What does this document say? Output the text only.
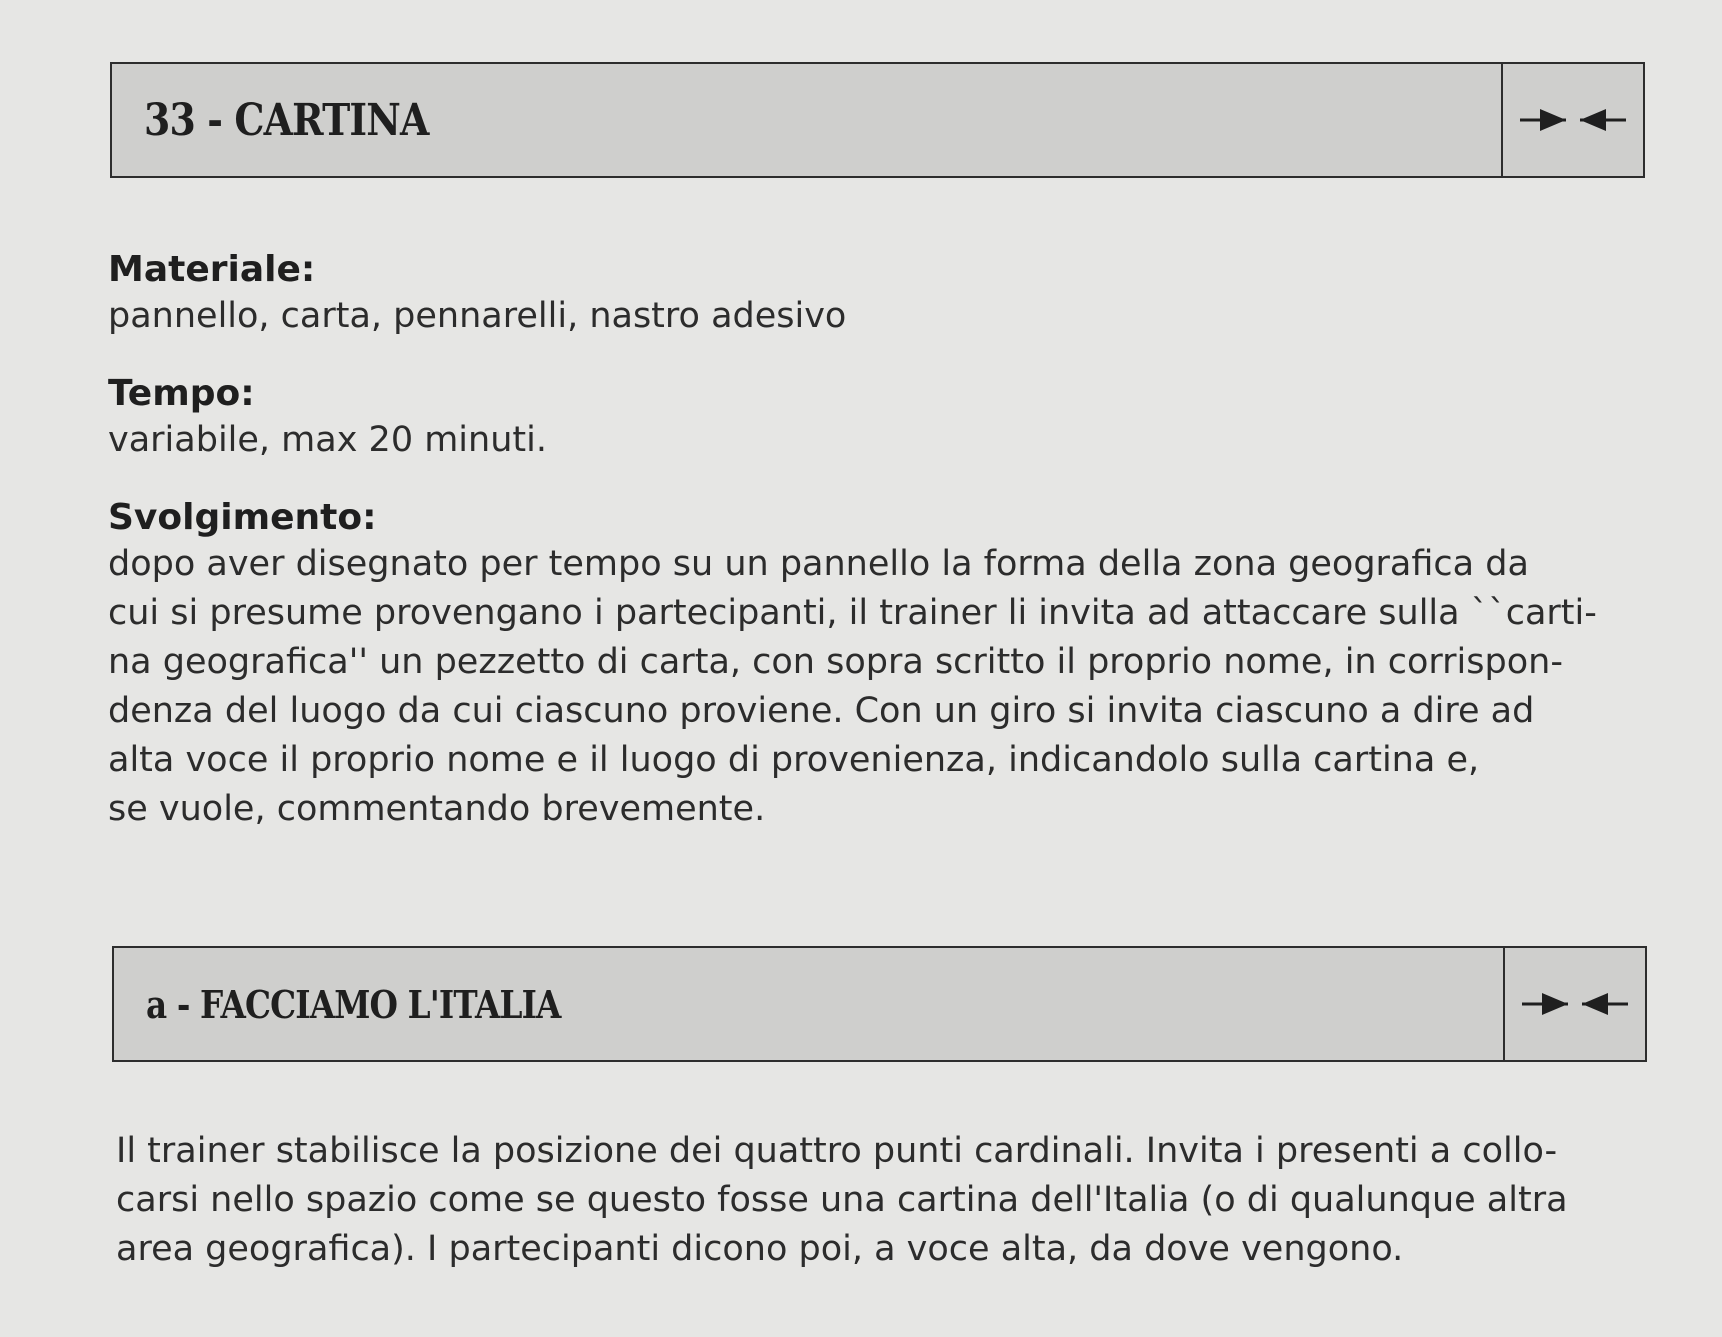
33 - CARTINA
Materiale:
pannello, carta, pennarelli, nastro adesivo
Tempo:
variabile, max 20 minuti.
Svolgimento:
dopo aver disegnato per tempo su un pannello la forma della zona geografica da
cui si presume provengano i partecipanti, il trainer li invita ad attaccare sulla ``carti-
na geografica'' un pezzetto di carta, con sopra scritto il proprio nome, in corrispon-
denza del luogo da cui ciascuno proviene. Con un giro si invita ciascuno a dire ad
alta voce il proprio nome e il luogo di provenienza, indicandolo sulla cartina e,
se vuole, commentando brevemente.
a - FACCIAMO L'ITALIA
Il trainer stabilisce la posizione dei quattro punti cardinali. Invita i presenti a collo-
carsi nello spazio come se questo fosse una cartina dell'Italia (o di qualunque altra
area geografica). I partecipanti dicono poi, a voce alta, da dove vengono.
